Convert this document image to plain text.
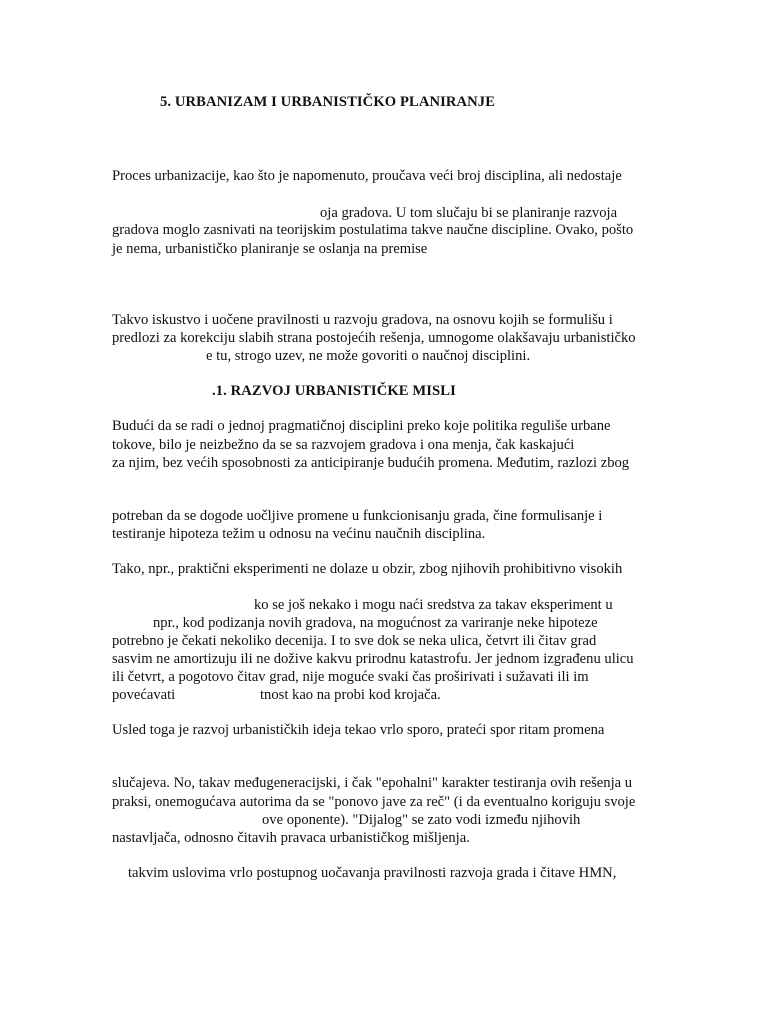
5. URBANIZAM I URBANISTIČKO PLANIRANJE
Proces urbanizacije, kao što je napomenuto, proučava veći broj disciplina, ali nedostaje
oja gradova. U tom slučaju bi se planiranje razvoja
gradova moglo zasnivati na teorijskim postulatima takve naučne discipline. Ovako, pošto
je nema, urbanističko planiranje se oslanja na premise
Takvo iskustvo i uočene pravilnosti u razvoju gradova, na osnovu kojih se formulišu i
predlozi za korekciju slabih strana postojećih rešenja, umnogome olakšavaju urbanističko
e tu, strogo uzev, ne može govoriti o naučnoj disciplini.
.1. RAZVOJ URBANISTIČKE MISLI
Budući da se radi o jednoj pragmatičnoj disciplini preko koje politika reguliše urbane
tokove, bilo je neizbežno da se sa razvojem gradova i ona menja, čak kaskajući
za njim, bez većih sposobnosti za anticipiranje budućih promena. Međutim, razlozi zbog
potreban da se dogode uočljive promene u funkcionisanju grada, čine formulisanje i
testiranje hipoteza težim u odnosu na većinu naučnih disciplina.
Tako, npr., praktični eksperimenti ne dolaze u obzir, zbog njihovih prohibitivno visokih
ko se još nekako i mogu naći sredstva za takav eksperiment u
npr., kod podizanja novih gradova, na mogućnost za variranje neke hipoteze
potrebno je čekati nekoliko decenija. I to sve dok se neka ulica, četvrt ili čitav grad
sasvim ne amortizuju ili ne dožive kakvu prirodnu katastrofu. Jer jednom izgrađenu ulicu
ili četvrt, a pogotovo čitav grad, nije moguće svaki čas proširivati i sužavati ili im
povećavati	tnost kao na probi kod krojača.
Usled toga je razvoj urbanističkih ideja tekao vrlo sporo, prateći spor ritam promena
slučajeva. No, takav međugeneracijski, i čak "epohalni" karakter testiranja ovih rešenja u
praksi, onemogućava autorima da se "ponovo jave za reč" (i da eventualno koriguju svoje
ove oponente). "Dijalog" se zato vodi između njihovih
nastavljača, odnosno čitavih pravaca urbanističkog mišljenja.
takvim uslovima vrlo postupnog uočavanja pravilnosti razvoja grada i čitave HMN,
